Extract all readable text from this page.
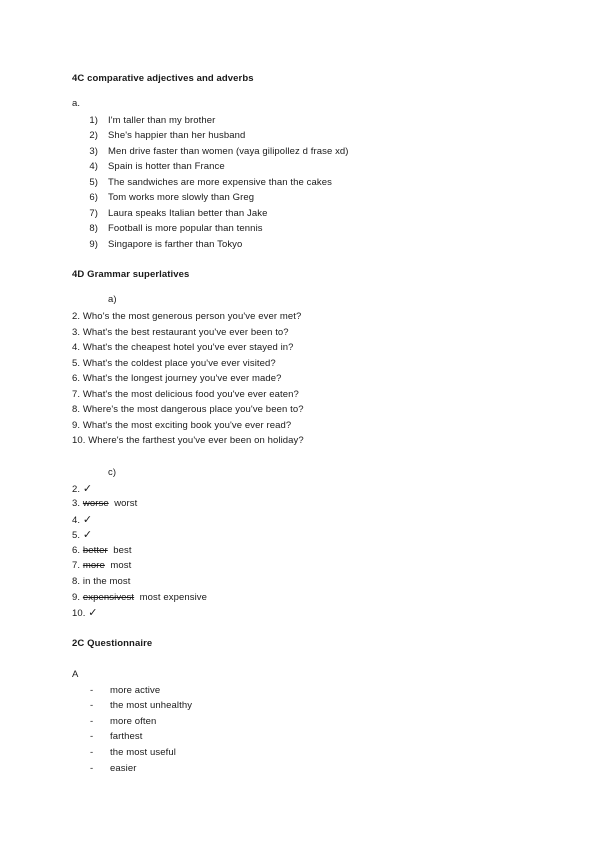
4C comparative adjectives and adverbs
a.
1) I'm taller than my brother
2) She's happier than her husband
3) Men drive faster than women (vaya gilipollez d frase xd)
4) Spain is hotter than France
5) The sandwiches are more expensive than the cakes
6) Tom works more slowly than Greg
7) Laura speaks Italian better than Jake
8) Football is more popular than tennis
9) Singapore is farther than Tokyo
4D Grammar superlatives
a)
2. Who's the most generous person you've ever met?
3. What's the best restaurant you've ever been to?
4. What's the cheapest hotel you've ever stayed in?
5. What's the coldest place you've ever visited?
6. What's the longest journey you've ever made?
7. What's the most delicious food you've ever eaten?
8. Where's the most dangerous place you've been to?
9. What's the most exciting book you've ever read?
10. Where's the farthest you've ever been on holiday?
c)
2. ✓
3. worse worst
4. ✓
5. ✓
6. better best
7. more most
8. in the most
9. expensivest most expensive
10. ✓
2C Questionnaire
A
- more active
- the most unhealthy
- more often
- farthest
- the most useful
- easier
